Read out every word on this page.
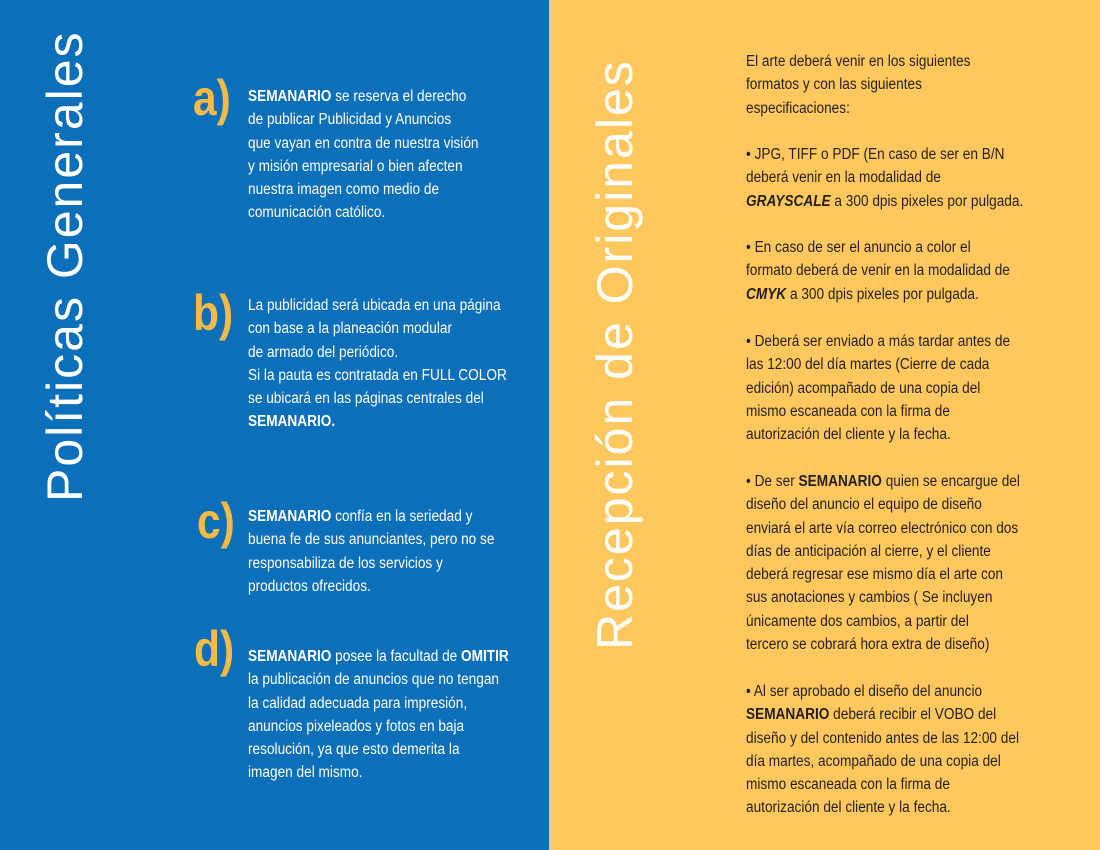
Políticas Generales	Recepción de Originales
a) SEMANARIO se reserva el derecho
de publicar Publicidad y Anuncios
que vayan en contra de nuestra visión
y misión empresarial o bien afecten
nuestra imagen como medio de
comunicación católico.
b) La publicidad será ubicada en una página
con base a la planeación modular
de armado del periódico.
Si la pauta es contratada en FULL COLOR
se ubicará en las páginas centrales del
SEMANARIO.
c) SEMANARIO confía en la seriedad y
buena fe de sus anunciantes, pero no se
responsabiliza de los servicios y
productos ofrecidos.
d) SEMANARIO posee la facultad de OMITIR
la publicación de anuncios que no tengan
la calidad adecuada para impresión,
anuncios pixeleados y fotos en baja
resolución, ya que esto demerita la
imagen del mismo.
El arte deberá venir en los siguientes
formatos y con las siguientes
especificaciones:
• JPG, TIFF o PDF (En caso de ser en B/N
deberá venir en la modalidad de
GRAYSCALE a 300 dpis pixeles por pulgada.
• En caso de ser el anuncio a color el
formato deberá de venir en la modalidad de
CMYK a 300 dpis pixeles por pulgada.
• Deberá ser enviado a más tardar antes de
las 12:00 del día martes (Cierre de cada
edición) acompañado de una copia del
mismo escaneada con la firma de
autorización del cliente y la fecha.
• De ser SEMANARIO quien se encargue del
diseño del anuncio el equipo de diseño
enviará el arte vía correo electrónico con dos
días de anticipación al cierre, y el cliente
deberá regresar ese mismo día el arte con
sus anotaciones y cambios ( Se incluyen
únicamente dos cambios, a partir del
tercero se cobrará hora extra de diseño)
• Al ser aprobado el diseño del anuncio
SEMANARIO deberá recibir el VOBO del
diseño y del contenido antes de las 12:00 del
día martes, acompañado de una copia del
mismo escaneada con la firma de
autorización del cliente y la fecha.
